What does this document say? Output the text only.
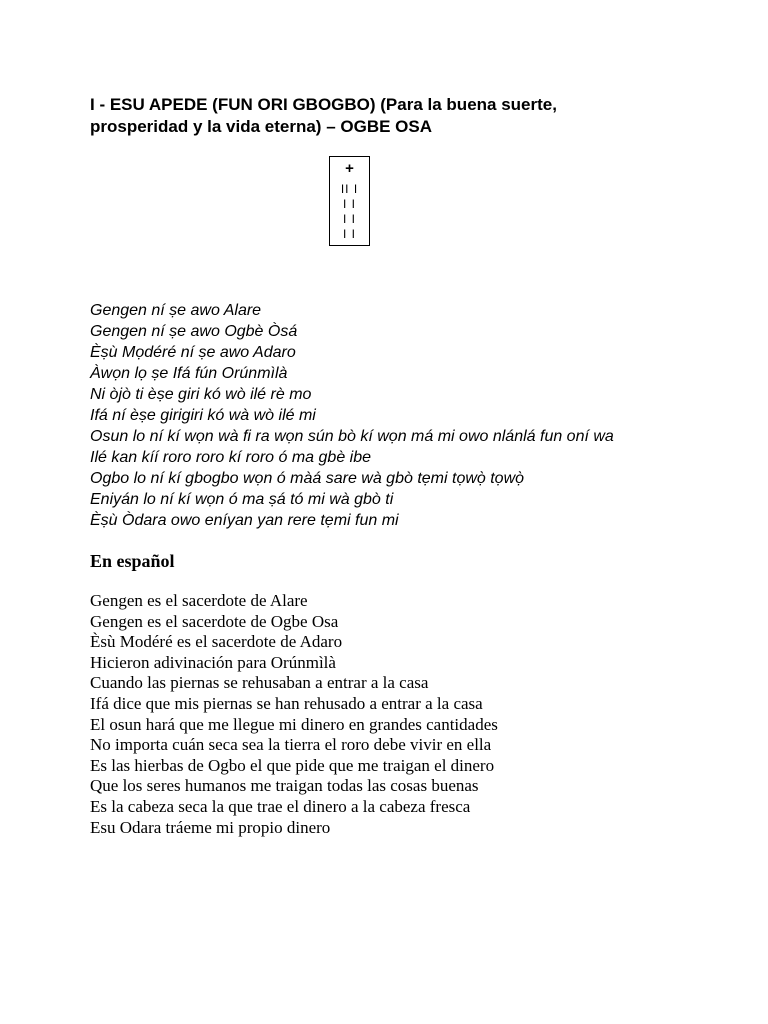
I - ESU APEDE (FUN ORI GBOGBO) (Para la buena suerte,
prosperidad y la vida eterna) – OGBE OSA
+
II I
I I
I I
I I
Gengen ní ṣe awo Alare
Gengen ní ṣe awo Ogbè Òsá
Èṣù Mọdéré ní ṣe awo Adaro
Àwọn lọ ṣe Ifá fún Orúnmìlà
Ni òjò ti èṣe giri kó wò ilé rè mo
Ifá ní èṣe girigiri kó wà wò ilé mi
Osun lo ní kí wọn wà fi ra wọn sún bò kí wọn má mi owo nlánlá fun oní wa
Ilé kan kíí roro roro kí roro ó ma gbè ibe
Ogbo lo ní kí gbogbo wọn ó màá sare wà gbò tẹmi tọwọ̀ tọwọ̀
Eniyán lo ní kí wọn ó ma ṣá tó mi wà gbò ti
Èṣù Òdara owo eníyan yan rere tẹmi fun mi
En español
Gengen es el sacerdote de Alare
Gengen es el sacerdote de Ogbe Osa
Èsù Modéré es el sacerdote de Adaro
Hicieron adivinación para Orúnmìlà
Cuando las piernas se rehusaban a entrar a la casa
Ifá dice que mis piernas se han rehusado a entrar a la casa
El osun hará que me llegue mi dinero en grandes cantidades
No importa cuán seca sea la tierra el roro debe vivir en ella
Es las hierbas de Ogbo el que pide que me traigan el dinero
Que los seres humanos me traigan todas las cosas buenas
Es la cabeza seca la que trae el dinero a la cabeza fresca
Esu Odara tráeme mi propio dinero
